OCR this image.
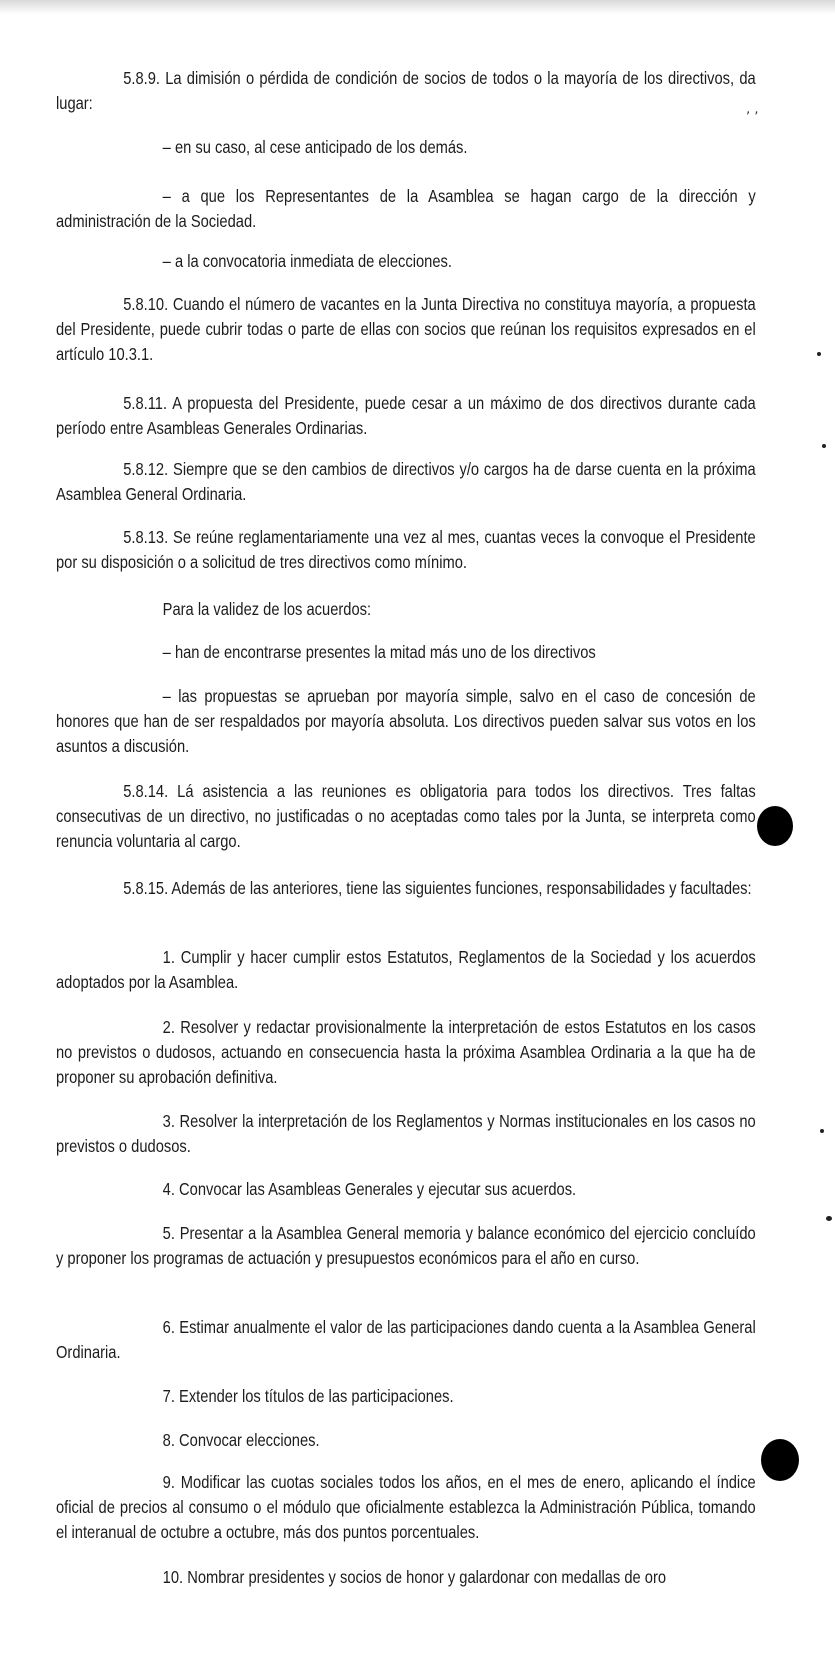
5.8.9. La dimisión o pérdida de condición de socios de todos o la mayoría de los directivos, da lugar:
– en su caso, al cese anticipado de los demás.
– a que los Representantes de la Asamblea se hagan cargo de la dirección y administración de la Sociedad.
– a la convocatoria inmediata de elecciones.
5.8.10. Cuando el número de vacantes en la Junta Directiva no constituya mayoría, a propuesta del Presidente, puede cubrir todas o parte de ellas con socios que reúnan los requisitos expresados en el artículo 10.3.1.
5.8.11. A propuesta del Presidente, puede cesar a un máximo de dos directivos durante cada período entre Asambleas Generales Ordinarias.
5.8.12. Siempre que se den cambios de directivos y/o cargos ha de darse cuenta en la próxima Asamblea General Ordinaria.
5.8.13. Se reúne reglamentariamente una vez al mes, cuantas veces la convoque el Presidente por su disposición o a solicitud de tres directivos como mínimo.
Para la validez de los acuerdos:
– han de encontrarse presentes la mitad más uno de los directivos
– las propuestas se aprueban por mayoría simple, salvo en el caso de concesión de honores que han de ser respaldados por mayoría absoluta. Los directivos pueden salvar sus votos en los asuntos a discusión.
5.8.14. Lá asistencia a las reuniones es obligatoria para todos los directivos. Tres faltas consecutivas de un directivo, no justificadas o no aceptadas como tales por la Junta, se interpreta como renuncia voluntaria al cargo.
5.8.15. Además de las anteriores, tiene las siguientes funciones, responsabilidades y facultades:
1. Cumplir y hacer cumplir estos Estatutos, Reglamentos de la Sociedad y los acuerdos adoptados por la Asamblea.
2. Resolver y redactar provisionalmente la interpretación de estos Estatutos en los casos no previstos o dudosos, actuando en consecuencia hasta la próxima Asamblea Ordinaria a la que ha de proponer su aprobación definitiva.
3. Resolver la interpretación de los Reglamentos y Normas institucionales en los casos no previstos o dudosos.
4. Convocar las Asambleas Generales y ejecutar sus acuerdos.
5. Presentar a la Asamblea General memoria y balance económico del ejercicio concluído y proponer los programas de actuación y presupuestos económicos para el año en curso.
6. Estimar anualmente el valor de las participaciones dando cuenta a la Asamblea General Ordinaria.
7. Extender los títulos de las participaciones.
8. Convocar elecciones.
9. Modificar las cuotas sociales todos los años, en el mes de enero, aplicando el índice oficial de precios al consumo o el módulo que oficialmente establezca la Administración Pública, tomando el interanual de octubre a octubre, más dos puntos porcentuales.
10. Nombrar presidentes y socios de honor y galardonar con medallas de oro
ʼ ʼ
